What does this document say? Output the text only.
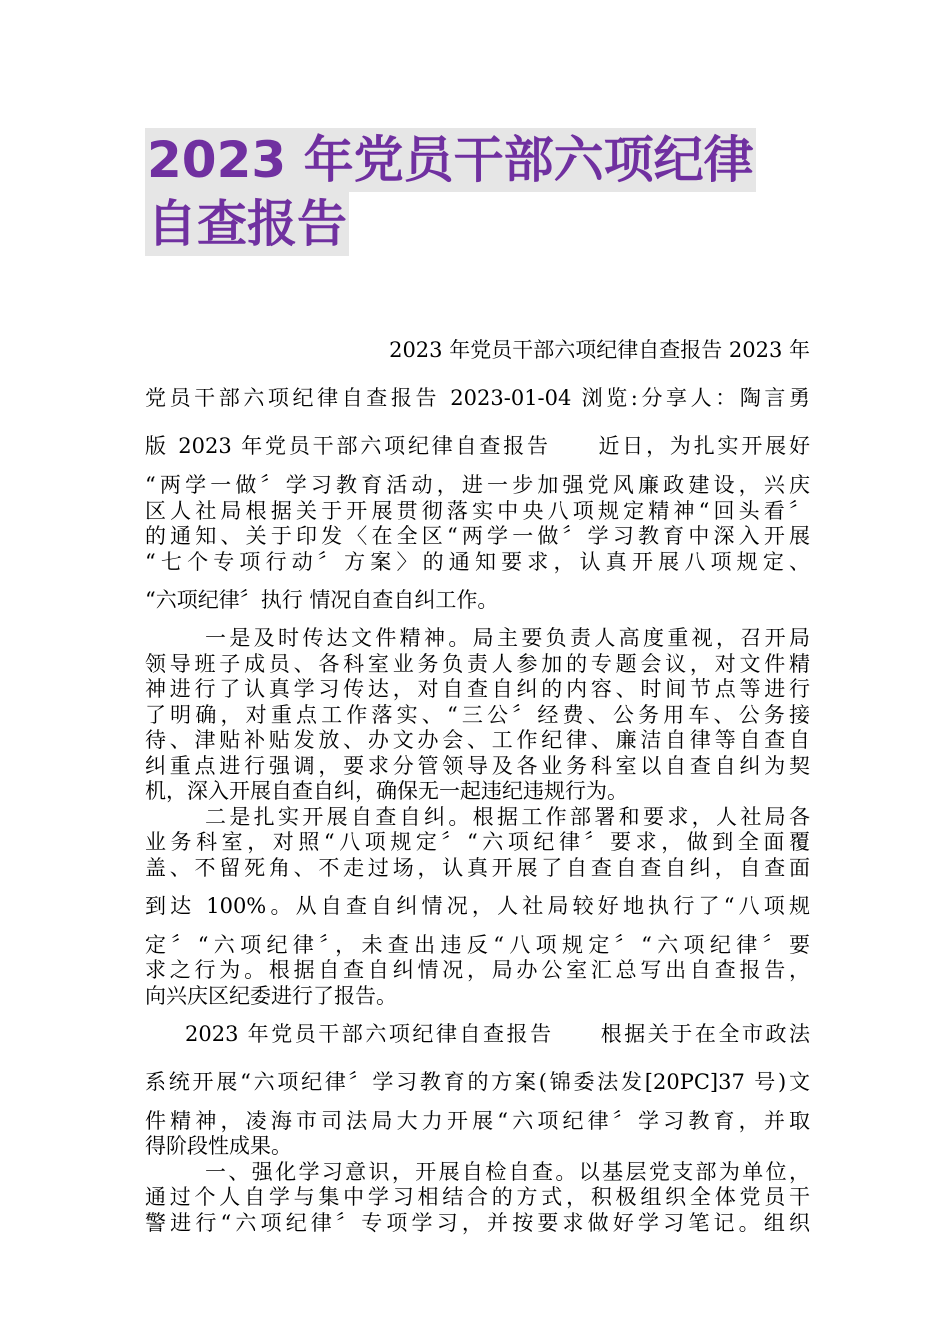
2023 年党员干部六项纪律
自查报告
2023 年党员干部六项纪律自查报告 2023 年
党员干部六项纪律自查报告 2023-01-04 浏览:分享人：陶言勇
版 2023 年党员干部六项纪律自查报告　　近日，为扎实开展好
“两学一做〞学习教育活动，进一步加强党风廉政建设，兴庆
区人社局根据关于开展贯彻落实中央八项规定精神“回头看〞
的通知、关于印发〈在全区“两学一做〞学习教育中深入开展
“七个专项行动〞方案〉的通知要求，认真开展八项规定、
“六项纪律〞执行 情况自查自纠工作。
一是及时传达文件精神。局主要负责人高度重视，召开局
领导班子成员、各科室业务负责人参加的专题会议，对文件精
神进行了认真学习传达，对自查自纠的内容、时间节点等进行
了明确，对重点工作落实、“三公〞经费、公务用车、公务接
待、津贴补贴发放、办文办会、工作纪律、廉洁自律等自查自
纠重点进行强调，要求分管领导及各业务科室以自查自纠为契
机，深入开展自查自纠，确保无一起违纪违规行为。
二是扎实开展自查自纠。根据工作部署和要求，人社局各
业务科室，对照“八项规定〞“六项纪律〞要求，做到全面覆
盖、不留死角、不走过场，认真开展了自查自查自纠，自查面
到达 100%。从自查自纠情况，人社局较好地执行了“八项规
定〞“六项纪律〞，未查出违反“八项规定〞“六项纪律〞要
求之行为。根据自查自纠情况，局办公室汇总写出自查报告，
向兴庆区纪委进行了报告。
2023 年党员干部六项纪律自查报告　　根据关于在全市政法
系统开展“六项纪律〞学习教育的方案(锦委法发[20PC]37 号)文
件精神，凌海市司法局大力开展“六项纪律〞学习教育，并取
得阶段性成果。
一、强化学习意识，开展自检自查。以基层党支部为单位，
通过个人自学与集中学习相结合的方式，积极组织全体党员干
警进行“六项纪律〞专项学习，并按要求做好学习笔记。组织
